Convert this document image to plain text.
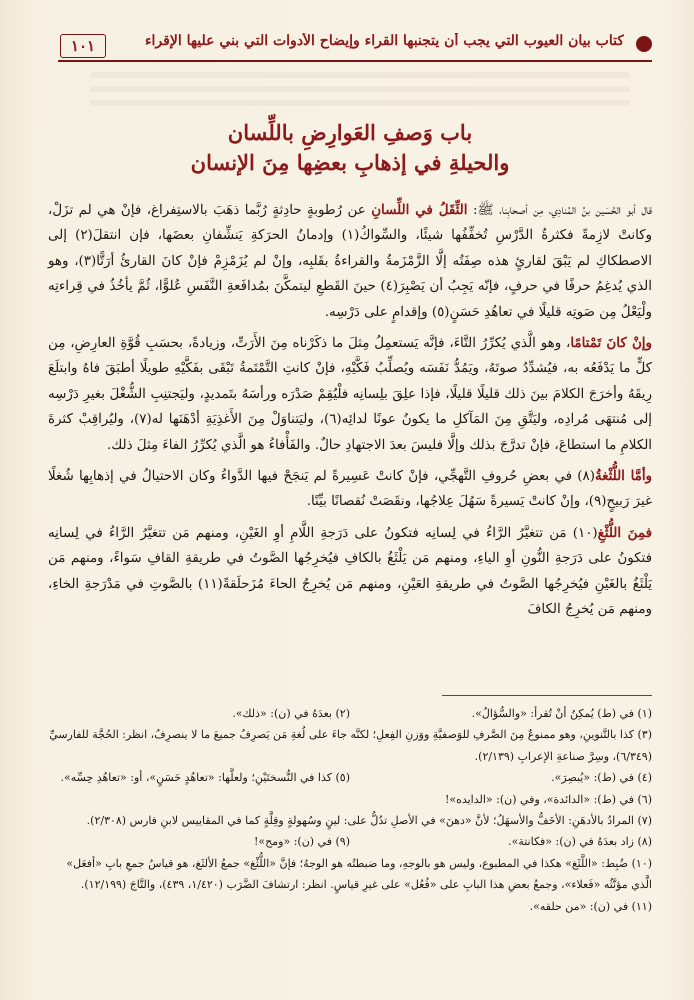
كتاب بيان العيوب التي يجب أن يتجنبها القراء وإيضاح الأدوات التي بني عليها الإقراء
١٠١
باب وَصفِ العَوارِضِ باللِّسان
والحيلةِ في إذهابِ بعضِها مِنَ الإنسان

قال أبو الحُسَين بنُ المُنادِي، مِن أصحابِنا، ﷺ: الثِّقَلُ في اللِّسانِ عن رُطوبةٍ حادِثةٍ رُبَّما ذهَبَ بالاستِفراغ، فإنْ هي لم تزَلْ، وكانتْ لازِمةً فكثرةُ الدَّرْسِ تُخفِّفُها شيئًا، والسِّواكُ(١) وإدمانُ الحرَكةِ يَنشِّفانِ بعضَها، فإن انتقلَ(٢) إلى الاصطكاكِ لم يَبْقَ لقارئٍ هذه صِفَتُه إلَّا الزَّمْزَمةُ والقراءةُ بقَلبِه، وإنْ لم يُزَمْزِمْ فإنْ كانَ القارئُ أرَتًّا(٣)، وهو الذي يُدغِمُ حرفًا في حرفٍ، فإنّه يَجِبُ أن يَصْبِرَ(٤) حينَ القَطعِ ليتمكَّنَ بمُدافَعةِ النَّفَسِ عُلوًّا، ثُمَّ يأخُذُ في قِراءتِه ولْيَعْلُ مِن صَوتِه قليلًا في تعاهُدِ حَسَنٍ(٥) وإقدامٍ على دَرْسِه.

وإنْ كانَ تَمْتامًا، وهو الَّذي يُكرِّرُ التَّاءَ، فإنَّه يَستعمِلُ مِثلَ ما ذكَرْناه مِنَ الأَرَتِّ، وزيادةً، بحسَبِ قُوَّةِ العارِضِ، مِن كلٍّ ما يَدْفَعُه به، فيُشدِّدُ صوتَهُ، ويَمُدُّ نَفَسَه ويُصلِّبُ فَكَّيْهِ، فإنْ كانتِ التَّمْتَمةُ تَبْقَى بفَكَّيْهِ طويلًا أطبَقَ فاهُ وابتلَعَ رِيقَهُ وأخرَجَ الكلامَ بينَ ذلك قليلًا قليلًا، فإذا علِقَ بلِسانِه فلْيُقِمْ صَدْرَه ورأسَهُ بتَمديدٍ، وليَجتنِبِ الشُّغْلَ بغيرِ دَرْسِه إلى مُنتهَى مُرادِه، وليَتَّقِ مِنَ المَآكلِ ما يكونُ عونًا لدائِه(٦)، وليَتناوَلْ مِنَ الأَغذِيَةِ أدْهَنَها له(٧)، وليُراقِبْ كثرةَ الكلامِ ما استطاعَ، فإنْ تدرَّجَ بذلك وإلَّا فليسَ بعدَ الاجتهادِ حالٌ. والفَأْفاءُ هو الَّذي يُكرِّرُ الفاءَ مِثلَ ذلك.

وأمَّا اللُّثْغةُ(٨) في بعضِ حُروفِ التَّهجِّي، فإنْ كانتْ عَسِيرةً لم يَنجَحْ فيها الدَّواءُ وكان الاحتيالُ في إذهابِها شُغلًا غيرَ رَبيحٍ(٩)، وإنْ كانتْ يَسيرةً سَهُلَ عِلاجُها، ونقَصَتْ نُقصانًا بيِّنًا.

فمِنَ اللُّثْغِ(١٠) مَن تتغيَّرُ الرَّاءُ في لِسانِه فتكونُ على دَرَجةِ اللَّامِ أوِ الغَيْنِ، ومنهم مَن تتغيَّرُ الرَّاءُ في لِسانِه فتكونُ على دَرَجةِ النُّونِ أوِ الياءِ، ومنهم مَن يَلْثَغُ بالكافِ فيُخرِجُها الصَّوتُ في طريقةِ القافِ سَواءً، ومنهم مَن يَلْثَغُ بالغَيْنِ فيُخرِجُها الصَّوتُ في طريقةِ العَيْنِ، ومنهم مَن يُخرِجُ الحاءَ مُزَحلَقةً(١١) بالصَّوتِ في مَدْرَجةِ الخاءِ، ومنهم مَن يُخرِجُ الكافَ

(١) في (ط) يُمكِنُ أنْ تُقرأ: «والسُّؤالُ».

(٢) بعدَهُ في (ن): «ذلك».

(٣) كذا بالتَّنوينِ، وهو ممنوعٌ مِنَ الصَّرفِ للوَصفيَّةِ ووَزنِ الفِعلِ؛ لكنَّه جاءَ على لُغةِ مَن يَصرِفُ جميعَ ما لا ينصرِفُ، انظر: الحُجَّة للفارسيِّ (٦/٣٤٩)، وسِرَّ صناعةِ الإعرابِ (٢/١٣٩).

(٤) في (ط): «يُبصِرَ».

(٥) كذا في النُّسختَيْنِ؛ ولعلَّها: «تعاهُدٍ حَسَنٍ»، أو: «تعاهُدِ حِسِّه».

(٦) في (ط): «الدائدة»، وفي (ن): «الدايده»!

(٧) المرادُ بالأدهَنِ: الأخَفُّ والأسهَلُ؛ لأنَّ «دهنَ» في الأصلِ تدُلُّ على: لينٍ وسُهولةٍ وقِلَّةٍ كما في المقاييس لابنِ فارس (٢/٣٠٨).

(٨) زاد بعدَهُ في (ن): «فكانتة».

(٩) في (ن): «ومح»!

(١٠) ضُبِط: «اللَّثَغ» هكذا في المطبوع، وليس هو بالوجهِ، وما ضبطتُه هو الوجهُ؛ فإنَّ «اللُّثْغ» جمعُ الألثَغ، هو قياسُ جمعِ بابِ «أفعَل» الَّذي مؤنَّثُه «فَعلاء»، وجمعُ بعضِ هذا البابِ على «فُعُل» على غيرِ قياسٍ. انظر: ارتشافَ الضَّرَب (١/٤٢٠، ٤٣٩)، والتَّاجَ (١٢/١٩٩).

(١١) في (ن): «من حلقه».
